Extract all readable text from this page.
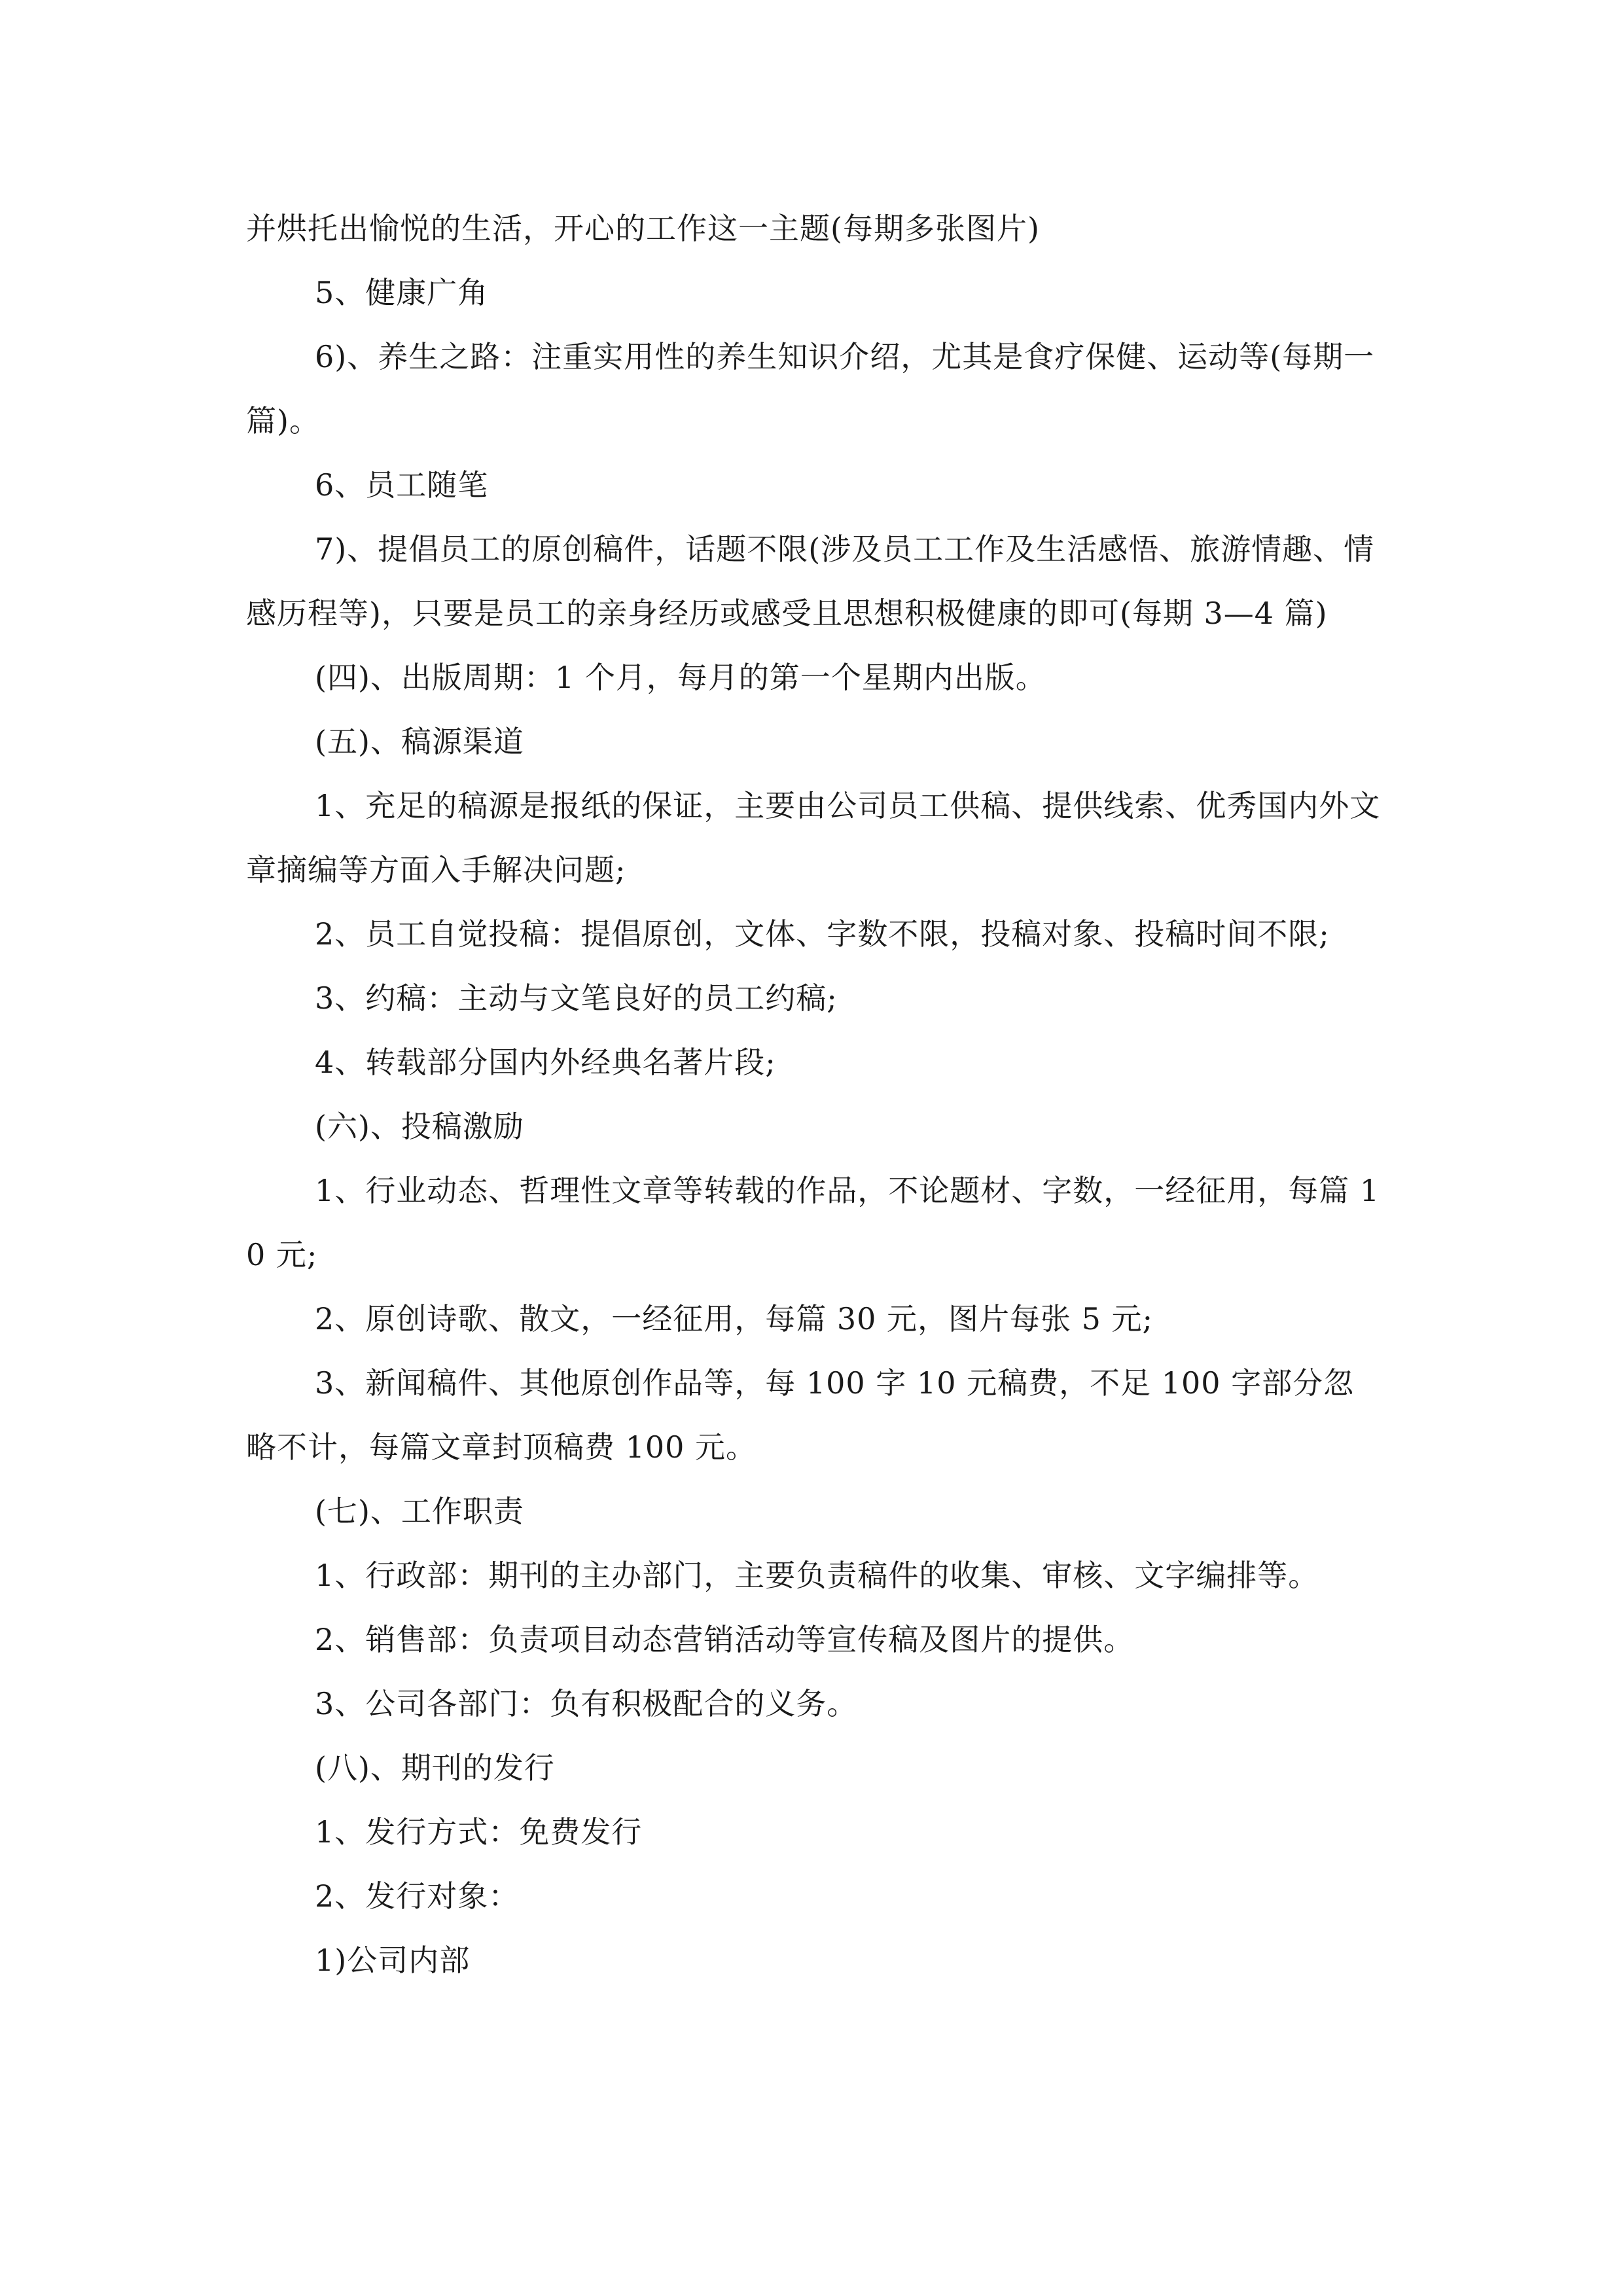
并烘托出愉悦的生活，开心的工作这一主题(每期多张图片)

5、健康广角

6)、养生之路：注重实用性的养生知识介绍，尤其是食疗保健、运动等(每期一篇)。

6、员工随笔

7)、提倡员工的原创稿件，话题不限(涉及员工工作及生活感悟、旅游情趣、情感历程等)，只要是员工的亲身经历或感受且思想积极健康的即可(每期 3—4 篇)

(四)、出版周期：1 个月，每月的第一个星期内出版。

(五)、稿源渠道

1、充足的稿源是报纸的保证，主要由公司员工供稿、提供线索、优秀国内外文章摘编等方面入手解决问题;

2、员工自觉投稿：提倡原创，文体、字数不限，投稿对象、投稿时间不限;

3、约稿：主动与文笔良好的员工约稿;

4、转载部分国内外经典名著片段;

(六)、投稿激励

1、行业动态、哲理性文章等转载的作品，不论题材、字数，一经征用，每篇 10 元;

2、原创诗歌、散文，一经征用，每篇 30 元，图片每张 5 元;

3、新闻稿件、其他原创作品等，每 100 字 10 元稿费，不足 100 字部分忽略不计，每篇文章封顶稿费 100 元。

(七)、工作职责

1、行政部：期刊的主办部门，主要负责稿件的收集、审核、文字编排等。

2、销售部：负责项目动态营销活动等宣传稿及图片的提供。

3、公司各部门：负有积极配合的义务。

(八)、期刊的发行

1、发行方式：免费发行

2、发行对象：

1)公司内部
